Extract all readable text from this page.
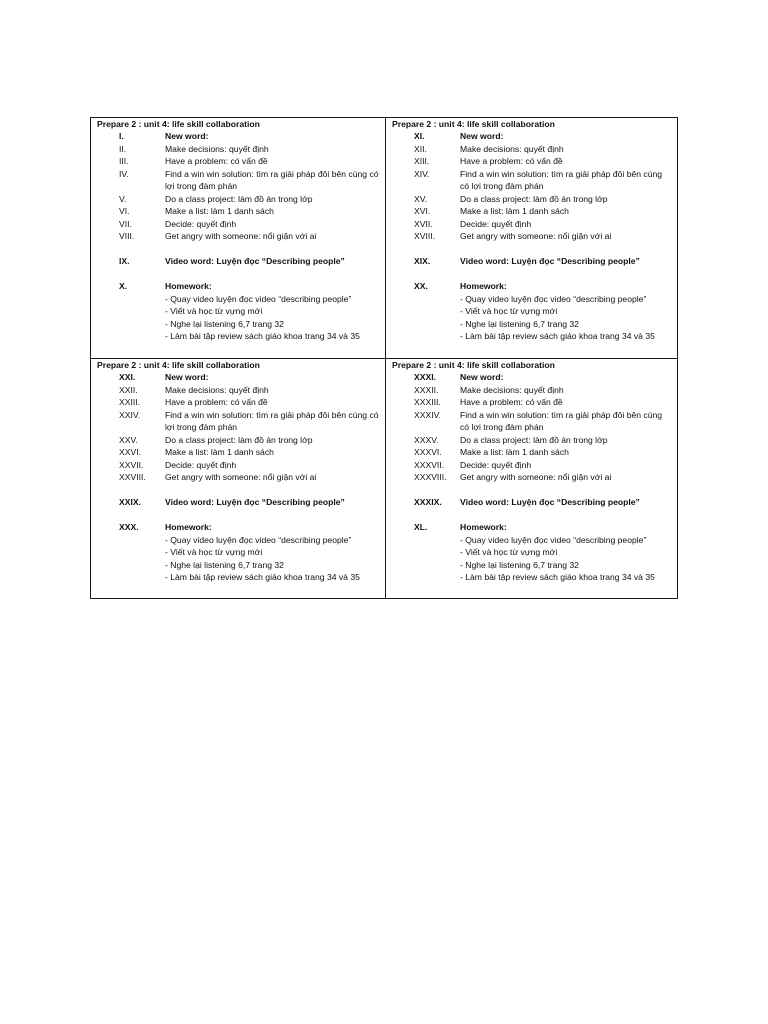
Prepare 2 : unit 4: life skill collaboration
I.	New word:
II.	Make decisions: quyết định
III.	Have a problem: có vấn đề
IV.	Find a win win solution: tìm ra giải pháp đôi bên cùng có lợi trong đàm phán
V.	Do a class project: làm đồ án trong lớp
VI.	Make a list: làm 1 danh sách
VII.	Decide: quyết định
VIII.	Get angry with someone: nổi giận với ai
IX.	Video word: Luyện đọc “Describing people”
X.	Homework:
- Quay video luyện đọc video “describing people”
- Viết và học từ vựng mới
- Nghe lại listening 6,7 trang 32
- Làm bài tập review sách giáo khoa trang 34 và 35
Prepare 2 : unit 4: life skill collaboration
XI.	New word:
XII.	Make decisions: quyết định
XIII.	Have a problem: có vấn đề
XIV.	Find a win win solution: tìm ra giải pháp đôi bên cùng có lợi trong đàm phán
XV.	Do a class project: làm đồ án trong lớp
XVI.	Make a list: làm 1 danh sách
XVII.	Decide: quyết định
XVIII.	Get angry with someone: nổi giận với ai
XIX.	Video word: Luyện đọc “Describing people”
XX.	Homework:
- Quay video luyện đọc video “describing people”
- Viết và học từ vựng mới
- Nghe lại listening 6,7 trang 32
- Làm bài tập review sách giáo khoa trang 34 và 35
Prepare 2 : unit 4: life skill collaboration
XXI.	New word:
XXII.	Make decisions: quyết định
XXIII.	Have a problem: có vấn đề
XXIV.	Find a win win solution: tìm ra giải pháp đôi bên cùng có lợi trong đàm phán
XXV.	Do a class project: làm đồ án trong lớp
XXVI.	Make a list: làm 1 danh sách
XXVII.	Decide: quyết định
XXVIII.	Get angry with someone: nổi giận với ai
XXIX.	Video word: Luyện đọc “Describing people”
XXX.	Homework:
- Quay video luyện đọc video “describing people”
- Viết và học từ vựng mới
- Nghe lại listening 6,7 trang 32
- Làm bài tập review sách giáo khoa trang 34 và 35
Prepare 2 : unit 4: life skill collaboration
XXXI.	New word:
XXXII.	Make decisions: quyết định
XXXIII.	Have a problem: có vấn đề
XXXIV.	Find a win win solution: tìm ra giải pháp đôi bên cùng có lợi trong đàm phán
XXXV.	Do a class project: làm đồ án trong lớp
XXXVI.	Make a list: làm 1 danh sách
XXXVII.	Decide: quyết định
XXXVIII.	Get angry with someone: nổi giận với ai
XXXIX.	Video word: Luyện đọc “Describing people”
XL.	Homework:
- Quay video luyện đọc video “describing people”
- Viết và học từ vựng mới
- Nghe lại listening 6,7 trang 32
- Làm bài tập review sách giáo khoa trang 34 và 35
